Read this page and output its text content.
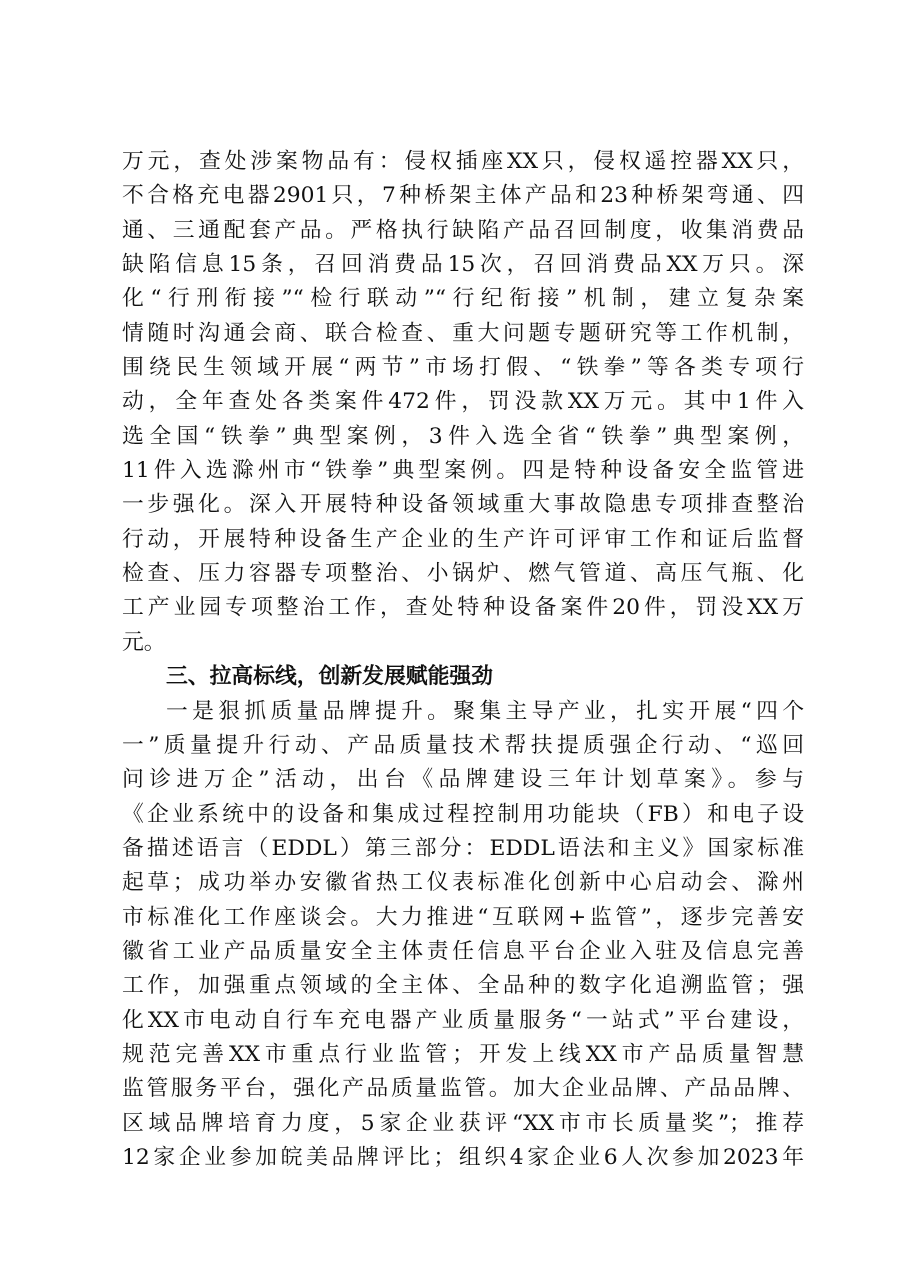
万元，查处涉案物品有：侵权插座XX只，侵权遥控器XX只，
不合格充电器2901只，7种桥架主体产品和23种桥架弯通、四
通、三通配套产品。严格执行缺陷产品召回制度，收集消费品
缺陷信息15条，召回消费品15次，召回消费品XX万只。深
化“行刑衔接”“检行联动”“行纪衔接”机制，建立复杂案
情随时沟通会商、联合检查、重大问题专题研究等工作机制，
围绕民生领域开展“两节”市场打假、“铁拳”等各类专项行
动，全年查处各类案件472件，罚没款XX万元。其中1件入
选全国“铁拳”典型案例，3件入选全省“铁拳”典型案例，
11件入选滁州市“铁拳”典型案例。四是特种设备安全监管进
一步强化。深入开展特种设备领域重大事故隐患专项排查整治
行动，开展特种设备生产企业的生产许可评审工作和证后监督
检查、压力容器专项整治、小锅炉、燃气管道、高压气瓶、化
工产业园专项整治工作，查处特种设备案件20件，罚没XX万
元。
三、拉高标线，创新发展赋能强劲
一是狠抓质量品牌提升。聚集主导产业，扎实开展“四个
一”质量提升行动、产品质量技术帮扶提质强企行动、“巡回
问诊进万企”活动，出台《品牌建设三年计划草案》。参与
《企业系统中的设备和集成过程控制用功能块（FB）和电子设
备描述语言（EDDL）第三部分：EDDL语法和主义》国家标准
起草；成功举办安徽省热工仪表标准化创新中心启动会、滁州
市标准化工作座谈会。大力推进“互联网+监管”，逐步完善安
徽省工业产品质量安全主体责任信息平台企业入驻及信息完善
工作，加强重点领域的全主体、全品种的数字化追溯监管；强
化XX市电动自行车充电器产业质量服务“一站式”平台建设，
规范完善XX市重点行业监管；开发上线XX市产品质量智慧
监管服务平台，强化产品质量监管。加大企业品牌、产品品牌、
区域品牌培育力度，5家企业获评“XX市市长质量奖”；推荐
12家企业参加皖美品牌评比；组织4家企业6人次参加2023年
